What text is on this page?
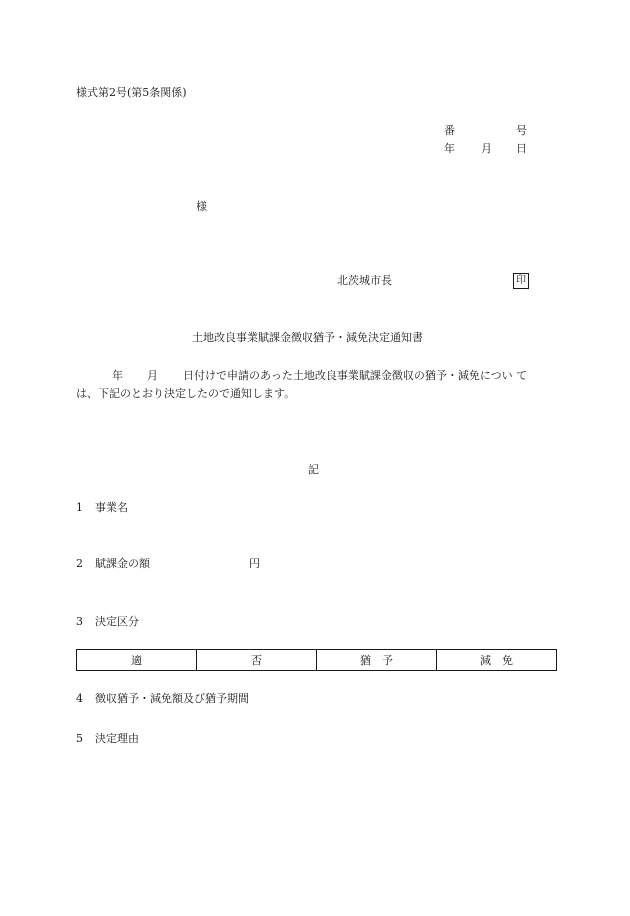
様式第2号(第5条関係)
番	号
年 月 日
様
北茨城市長	印
土地改良事業賦課金徴収猶予・減免決定通知書
年 月 日付けで申請のあった土地改良事業賦課金徴収の猶予・減免につい て
は、下記のとおり決定したので通知します。
記
1 事業名
2 賦課金の額	円
3 決定区分
適	否	猶　予	減　免
4 徴収猶予・減免額及び猶予期間
5 決定理由
